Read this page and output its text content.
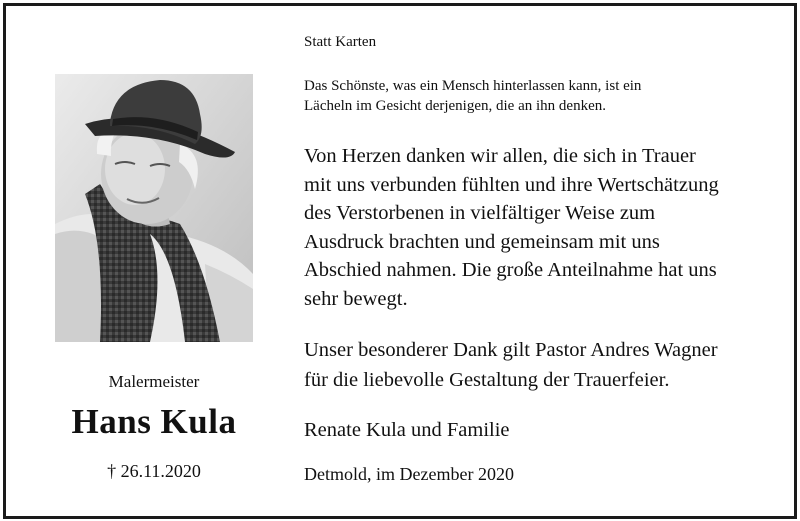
Malermeister
Hans Kula
† 26.11.2020
Statt Karten
Das Schönste, was ein Mensch hinterlassen kann, ist ein
Lächeln im Gesicht derjenigen, die an ihn denken.
Von Herzen danken wir allen, die sich in Trauer
mit uns verbunden fühlten und ihre Wertschätzung
des Verstorbenen in vielfältiger Weise zum
Ausdruck brachten und gemeinsam mit uns
Abschied nahmen. Die große Anteilnahme hat uns
sehr bewegt.
Unser besonderer Dank gilt Pastor Andres Wagner
für die liebevolle Gestaltung der Trauerfeier.
Renate Kula und Familie
Detmold, im Dezember 2020
